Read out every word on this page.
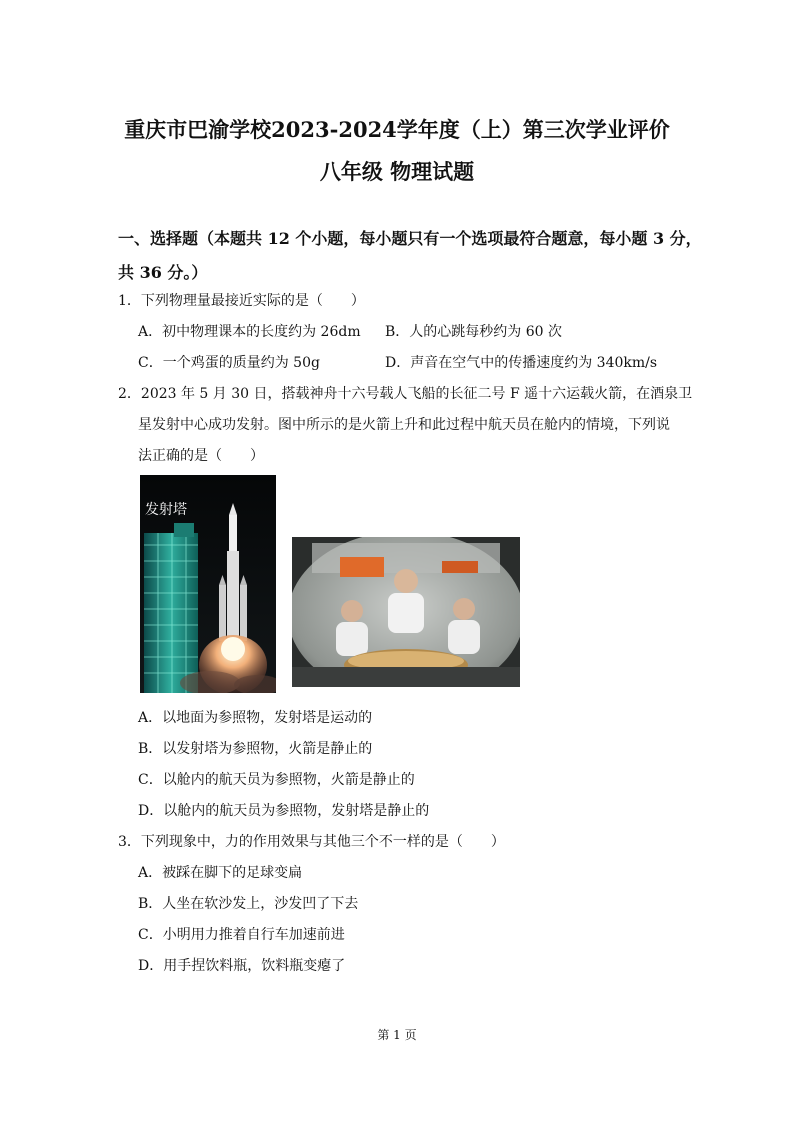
重庆市巴渝学校2023-2024学年度（上）第三次学业评价
八年级 物理试题
一、选择题（本题共 12 个小题，每小题只有一个选项最符合题意，每小题 3 分，
共 36 分。）
1．下列物理量最接近实际的是（　　）
A．初中物理课本的长度约为 26dm B．人的心跳每秒约为 60 次
C．一个鸡蛋的质量约为 50g	D．声音在空气中的传播速度约为 340km/s
2．2023 年 5 月 30 日，搭载神舟十六号载人飞船的长征二号 F 遥十六运载火箭，在酒泉卫
星发射中心成功发射。图中所示的是火箭上升和此过程中航天员在舱内的情境，下列说
法正确的是（　　）
发射塔
A．以地面为参照物，发射塔是运动的
B．以发射塔为参照物，火箭是静止的
C．以舱内的航天员为参照物，火箭是静止的
D．以舱内的航天员为参照物，发射塔是静止的
3．下列现象中，力的作用效果与其他三个不一样的是（　　）
A．被踩在脚下的足球变扁
B．人坐在软沙发上，沙发凹了下去
C．小明用力推着自行车加速前进
D．用手捏饮料瓶，饮料瓶变瘪了
第 1 页
